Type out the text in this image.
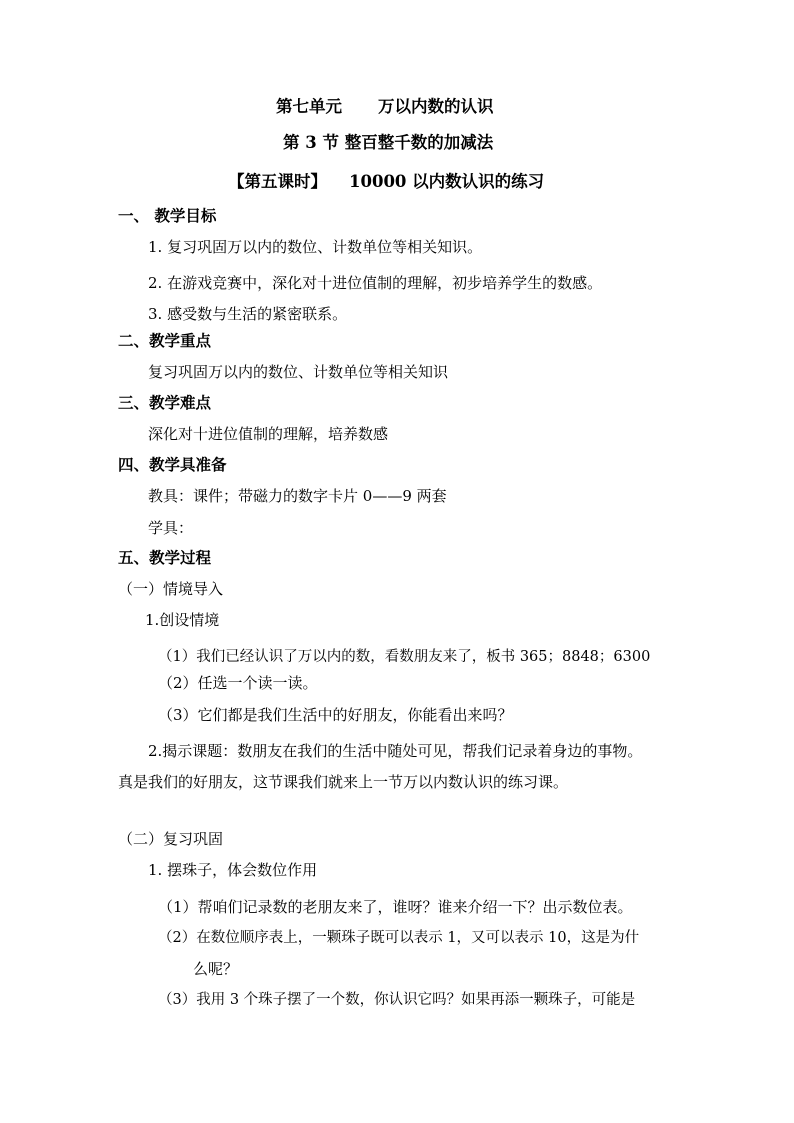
第七单元 万以内数的认识
第 3 节 整百整千数的加减法
【第五课时】 10000 以内数认识的练习
一、 教学目标
1. 复习巩固万以内的数位、计数单位等相关知识。
2. 在游戏竞赛中，深化对十进位值制的理解，初步培养学生的数感。
3. 感受数与生活的紧密联系。
二、教学重点
复习巩固万以内的数位、计数单位等相关知识
三、教学难点
深化对十进位值制的理解，培养数感
四、教学具准备
教具：课件；带磁力的数字卡片 0——9 两套
学具：
五、教学过程
（一）情境导入
1.创设情境
（1）我们已经认识了万以内的数，看数朋友来了，板书 365；8848；6300
（2）任选一个读一读。
（3）它们都是我们生活中的好朋友，你能看出来吗？
2.揭示课题：数朋友在我们的生活中随处可见，帮我们记录着身边的事物。
真是我们的好朋友，这节课我们就来上一节万以内数认识的练习课。
（二）复习巩固
1. 摆珠子，体会数位作用
（1）帮咱们记录数的老朋友来了，谁呀？谁来介绍一下？出示数位表。
（2）在数位顺序表上，一颗珠子既可以表示 1，又可以表示 10，这是为什
么呢？
（3）我用 3 个珠子摆了一个数，你认识它吗？如果再添一颗珠子，可能是
